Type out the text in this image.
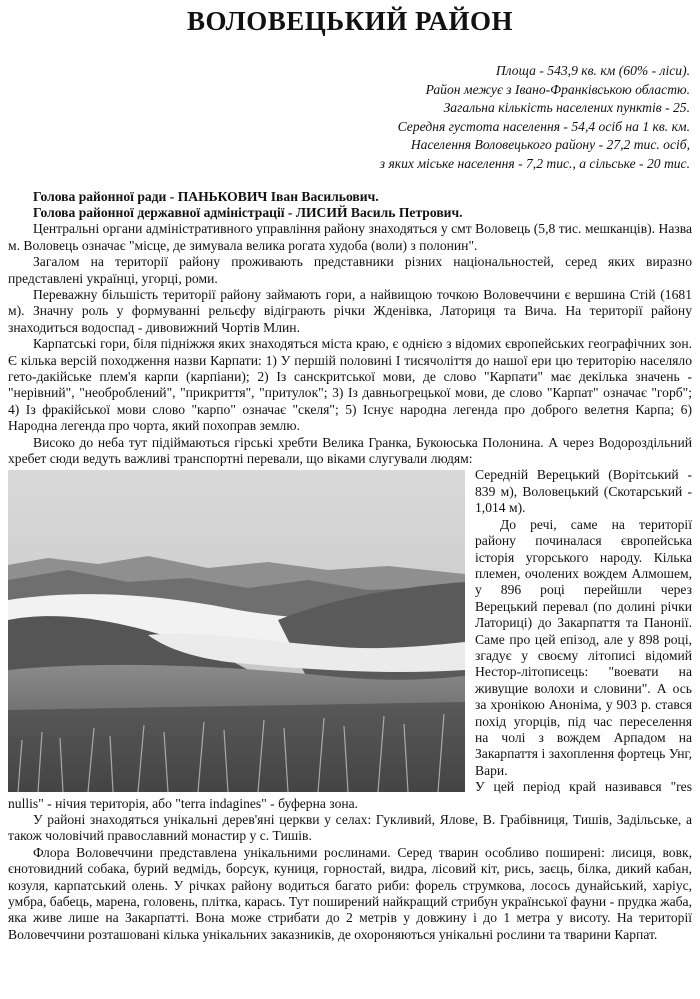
ВОЛОВЕЦЬКИЙ РАЙОН
Площа - 543,9 кв. км (60% - ліси).
Район межує з Івано-Франківською областю.
Загальна кількість населених пунктів - 25.
Середня густота населення - 54,4 осіб на 1 кв. км.
Населення Воловецького району - 27,2 тис. осіб,
з яких міське населення - 7,2 тис., а сільське - 20 тис.

Голова районної ради - ПАНЬКОВИЧ Іван Васильович.

Голова районної державної адміністрації - ЛИСИЙ Василь Петрович.

Центральні органи адміністративного управління району знаходяться у смт Воловець (5,8 тис. мешканців). Назва м. Воловець означає "місце, де зимувала велика рогата худоба (воли) з полонин".

Загалом на території району проживають представники різних національностей, серед яких виразно представлені українці, угорці, роми.

Переважну більшість території району займають гори, а найвищою точкою Воловеччини є вершина Стій (1681 м). Значну роль у формуванні рельєфу відіграють річки Жденівка, Латориця та Вича. На території району знаходиться водоспад - дивовижний Чортів Млин.

Карпатські гори, біля підніжжя яких знаходяться міста краю, є однією з відомих європейських географічних зон. Є кілька версій походження назви Карпати: 1) У першій половині I тисячоліття до нашої ери цю територію населяло гето-дакійське плем'я карпи (карпіани); 2) Із санскритської мови, де слово "Карпати" має декілька значень - "нерівний", "необроблений", "прикриття", "притулок"; 3) Із давньогрецької мови, де слово "Карпат" означає "горб"; 4) Із фракійської мови слово "карпо" означає "скеля"; 5) Існує народна легенда про доброго велетня Карпа; 6) Народна легенда про чорта, який похоправ землю.

Високо до неба тут підіймаються гірські хребти Велика Гранка, Букоюська Полонина. А через Водороздільний хребет сюди ведуть важливі транспортні перевали, що віками слугували людям:

Середній Верецький (Ворітський - 839 м), Воловецький (Скотарський - 1,014 м).

До речі, саме на території району починалася європейська історія угорського народу. Кілька племен, очолених вождем Алмошем, у 896 році перейшли через Верецький перевал (по долині річки Латориці) до Закарпаття та Панонії. Саме про цей епізод, але у 898 році, згадує у своєму літописі відомий Нестор-літописець: "воевати на живущие волохи и словини". А ось за хронікою Аноніма, у 903 р. стався похід угорців, під час переселення на чолі з вождем Арпадом на Закарпаття і захоплення фортець Унг, Вари.

У цей період край називався "res nullis" - нічия територія, або "terra indagines" - буферна зона.

У районі знаходяться унікальні дерев'яні церкви у селах: Гукливий, Ялове, В. Грабівниця, Тишів, Задільське, а також чоловічий православний монастир у с. Тишів.

Флора Воловеччини представлена унікальними рослинами. Серед тварин особливо поширені: лисиця, вовк, єнотовидний собака, бурий ведмідь, борсук, куниця, горностай, видра, лісовий кіт, рись, заєць, білка, дикий кабан, козуля, карпатський олень. У річках району водиться багато риби: форель струмкова, лосось дунайський, харіус, умбра, бабець, марена, головень, плітка, карась. Тут поширений найкращий стрибун української фауни - прудка жаба, яка живе лише на Закарпатті. Вона може стрибати до 2 метрів у довжину і до 1 метра у висоту. На території Воловеччини розташовані кілька унікальних заказників, де охороняються унікальні рослини та тварини Карпат.
